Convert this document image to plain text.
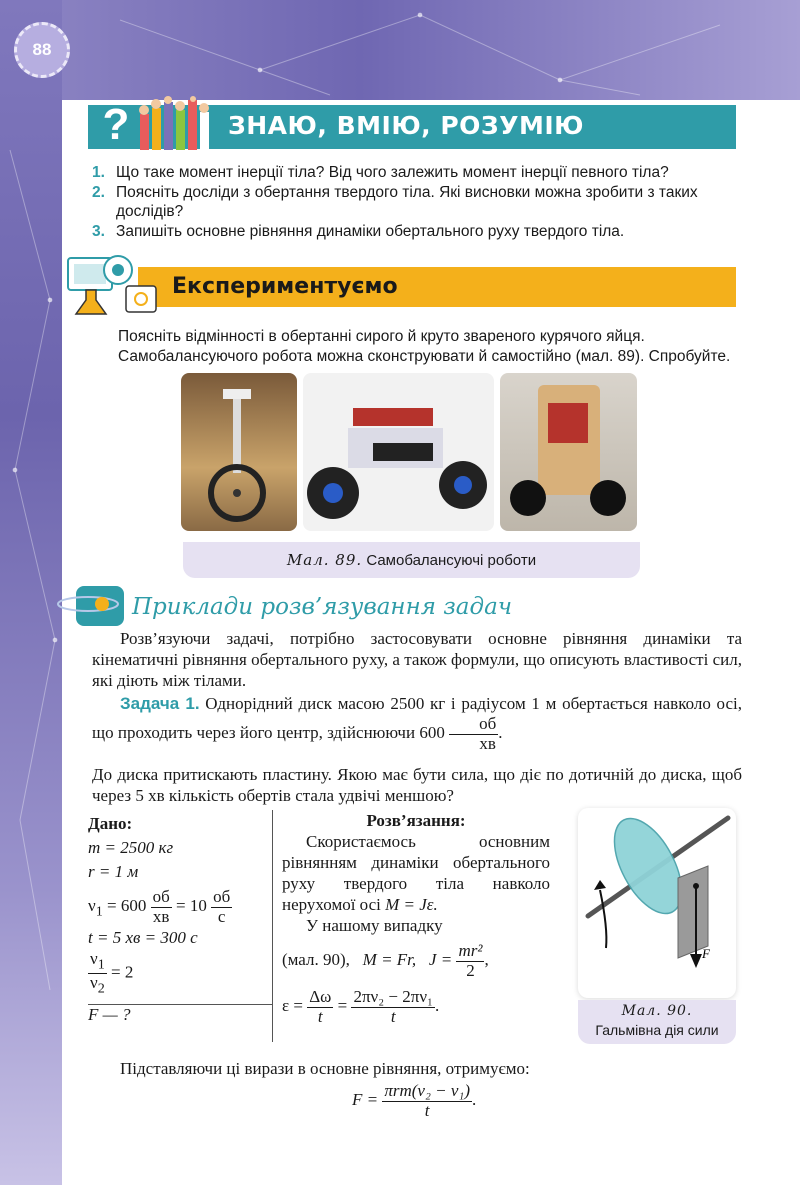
88
?	ЗНАЮ, ВМІЮ, РОЗУМІЮ
1. Що таке момент інерції тіла? Від чого залежить момент інерції певного тіла?
2. Поясніть досліди з обертання твердого тіла. Які висновки можна зробити з таких дослідів?
3. Запишіть основне рівняння динаміки обертального руху твердого тіла.
Експериментуємо
Поясніть відмінності в обертанні сирого й круто звареного курячого яйця.
Самобалансуючого робота можна сконструювати й самостійно (мал. 89). Спробуйте.
Мал. 89. Самобалансуючі роботи
Приклади розв’язування задач
Розв’язуючи задачі, потрібно застосовувати основне рівняння динаміки та кінематичні рівняння обертального руху, а також формули, що описують властивості сил, які діють між тілами.
Задача 1. Однорідний диск масою 2500 кг і радіусом 1 м обертається навколо осі, що проходить через його центр, здійснюючи $600 \frac{об}{хв}$ .
До диска притискають пластину. Якою має бути сила, що діє по дотичній до диска, щоб через 5 хв кількість обертів стала удвічі меншою?
Дано:
m = 2500 кг
r = 1 м
$\nu_1 = 600 \frac{об}{хв} = 10 \frac{об}{с}$
t = 5 хв = 300 с
$\frac{\nu_1}{\nu_2} = 2$
F — ?
Розв’язання:
Скористаємось основним рівнянням динаміки обертального руху твердого тіла навколо нерухомої осі M = Jε.
У нашому випадку
(мал. 90), M = Fr, $J = \frac{\text{mr²}}{2}$ ,
$\varepsilon = \frac{\Delta\omega}{t} = \frac{\text{2πν₂ − 2πν₁}}{t}$ .
F
Мал. 90.
Гальмівна дія сили
Підставляючи ці вирази в основне рівняння, отримуємо:
$F = \frac{\text{πrm(ν₂ − ν₁)}}{t}$ .
